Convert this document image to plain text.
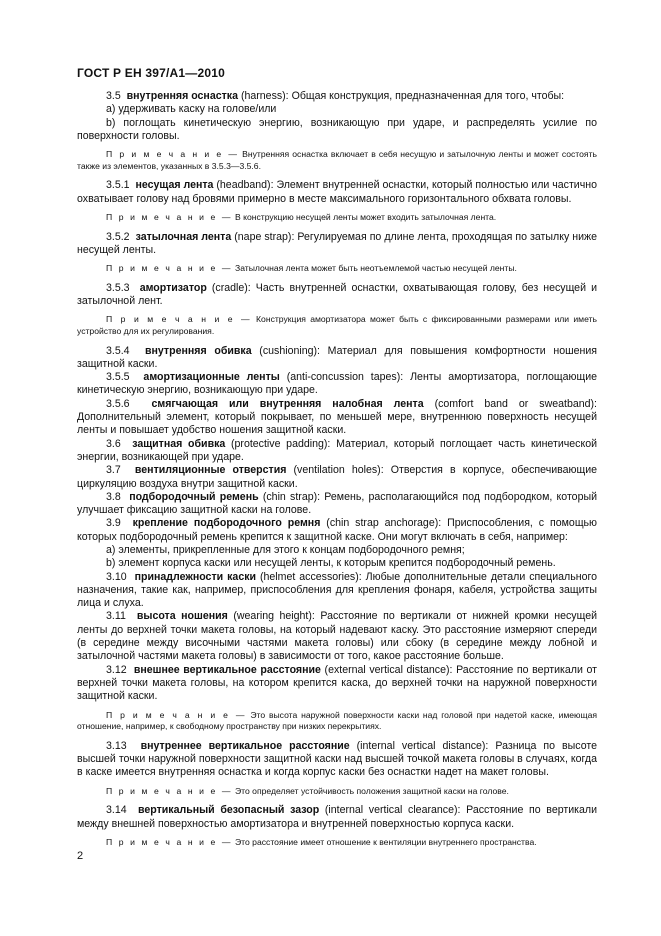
ГОСТ Р ЕН 397/А1—2010

3.5 внутренняя оснастка (harness): Общая конструкция, предназначенная для того, чтобы:

a) удерживать каску на голове/или

b) поглощать кинетическую энергию, возникающую при ударе, и распределять усилие по поверхности головы.

П р и м е ч а н и е — Внутренняя оснастка включает в себя несущую и затылочную ленты и может состоять также из элементов, указанных в 3.5.3—3.5.6.

3.5.1 несущая лента (headband): Элемент внутренней оснастки, который полностью или частично охватывает голову над бровями примерно в месте максимального горизонтального обхвата головы.

П р и м е ч а н и е — В конструкцию несущей ленты может входить затылочная лента.

3.5.2 затылочная лента (nape strap): Регулируемая по длине лента, проходящая по затылку ниже несущей ленты.

П р и м е ч а н и е — Затылочная лента может быть неотъемлемой частью несущей ленты.

3.5.3 амортизатор (cradle): Часть внутренней оснастки, охватывающая голову, без несущей и затылочной лент.

П р и м е ч а н и е — Конструкция амортизатора может быть с фиксированными размерами или иметь устройство для их регулирования.

3.5.4 внутренняя обивка (cushioning): Материал для повышения комфортности ношения защитной каски.

3.5.5 амортизационные ленты (anti-concussion tapes): Ленты амортизатора, поглощающие кинетическую энергию, возникающую при ударе.

3.5.6 смягчающая или внутренняя налобная лента (comfort band or sweatband): Дополнительный элемент, который покрывает, по меньшей мере, внутреннюю поверхность несущей ленты и повышает удобство ношения защитной каски.

3.6 защитная обивка (protective padding): Материал, который поглощает часть кинетической энергии, возникающей при ударе.

3.7 вентиляционные отверстия (ventilation holes): Отверстия в корпусе, обеспечивающие циркуляцию воздуха внутри защитной каски.

3.8 подбородочный ремень (chin strap): Ремень, располагающийся под подбородком, который улучшает фиксацию защитной каски на голове.

3.9 крепление подбородочного ремня (chin strap anchorage): Приспособления, с помощью которых подбородочный ремень крепится к защитной каске. Они могут включать в себя, например:

a) элементы, прикрепленные для этого к концам подбородочного ремня;

b) элемент корпуса каски или несущей ленты, к которым крепится подбородочный ремень.

3.10 принадлежности каски (helmet accessories): Любые дополнительные детали специального назначения, такие как, например, приспособления для крепления фонаря, кабеля, устройства защиты лица и слуха.

3.11 высота ношения (wearing height): Расстояние по вертикали от нижней кромки несущей ленты до верхней точки макета головы, на который надевают каску. Это расстояние измеряют спереди (в середине между височными частями макета головы) или сбоку (в середине между лобной и затылочной частями макета головы) в зависимости от того, какое расстояние больше.

3.12 внешнее вертикальное расстояние (external vertical distance): Расстояние по вертикали от верхней точки макета головы, на котором крепится каска, до верхней точки на наружной поверхности защитной каски.

П р и м е ч а н и е — Это высота наружной поверхности каски над головой при надетой каске, имеющая отношение, например, к свободному пространству при низких перекрытиях.

3.13 внутреннее вертикальное расстояние (internal vertical distance): Разница по высоте высшей точки наружной поверхности защитной каски над высшей точкой макета головы в случаях, когда в каске имеется внутренняя оснастка и когда корпус каски без оснастки надет на макет головы.

П р и м е ч а н и е — Это определяет устойчивость положения защитной каски на голове.

3.14 вертикальный безопасный зазор (internal vertical clearance): Расстояние по вертикали между внешней поверхностью амортизатора и внутренней поверхностью корпуса каски.

П р и м е ч а н и е — Это расстояние имеет отношение к вентиляции внутреннего пространства.

2
